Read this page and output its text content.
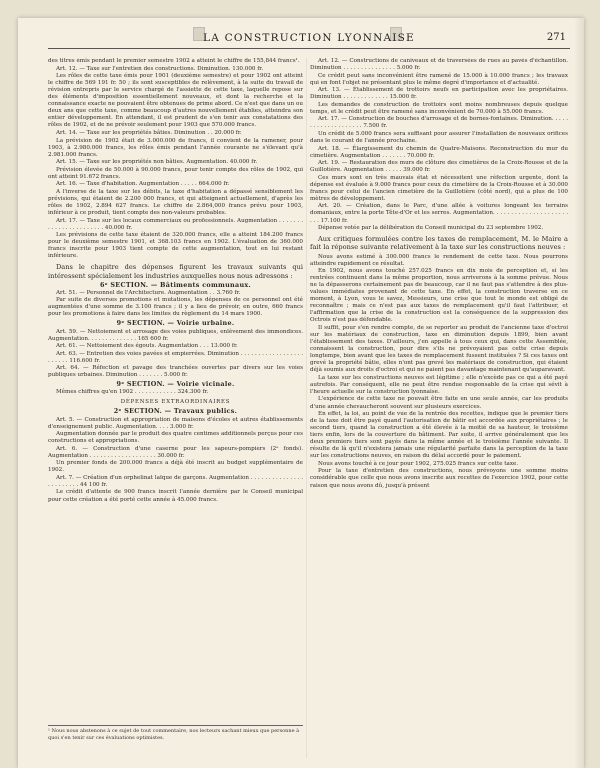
LA CONSTRUCTION LYONNAISE	271

des titres émis pendant le premier semestre 1902 a atteint le chiffre de 155,844 francs¹.

Art. 12. — Taxe sur l'entretien des constructions. Diminution. 130.000 fr.

Les rôles de cette taxe émis pour 1901 (deuxième semestre) et pour 1902 ont atteint le chiffre de 569 191 fr. 50 ; ils sont susceptibles de relèvement, à la suite du travail de révision entrepris par le service chargé de l'assiette de cette taxe, laquelle repose sur des éléments d'imposition essentiellement nouveaux, et dont la recherche et la connaissance exacte ne pouvaient être obtenues de prime abord. Ce n'est que dans un ou deux ans que cette taxe, comme beaucoup d'autres nouvellement établies, atteindra son entier développement. En attendant, il est prudent de s'en tenir aux constatations des rôles de 1902, et de ne prévoir seulement pour 1903 que 570.000 francs.

Art. 14. — Taxe sur les propriétés bâties. Diminution . . 20.000 fr.

La prévision de 1902 était de 3.000.000 de francs, il convient de la ramener, pour 1903, à 2.980.000 francs, les rôles émis pendant l'année courante ne s'élevant qu'à 2.981.000 francs.

Art. 15. — Taxe sur les propriétés non bâties. Augmentation. 40.000 fr.

Prévision élevée de 50.000 à 90.000 francs, pour tenir compte des rôles de 1902, qui ont atteint 91.672 francs.

Art. 16. — Taxe d'habitation. Augmentation . . . . . 664.000 fr.

A l'inverse de la taxe sur les débits, la taxe d'habitation a dépassé sensiblement les prévisions, qui étaient de 2.200 000 francs, et qui atteignent actuellement, d'après les rôles de 1902, 2.894 627 francs. Le chiffre de 2.864,000 francs prévu pour 1903, inférieur à ce produit, tient compte des non-valeurs probables.

Art. 17. — Taxe sur les locaux commerciaux ou professionnels. Augmentation . . . . . . . . . . . . . . . . . . . . . . . 40.000 fr.

Les prévisions de cette taxe étaient de 320.000 francs, elle a atteint 184.200 francs pour le deuxième semestre 1901, et 368.103 francs en 1902. L'évaluation de 360.000 francs inscrite pour 1903 tient compte de cette augmentation, tout en lui restant inférieure.

Dans le chapitre des dépenses figurent les travaux suivants qui intéressent spécialement les industries auxquelles nous nous adressons :

6ᵉ SECTION. — Bâtiments communaux.

Art. 51. — Personnel de l'Architecture. Augmentation . . 3.760 fr.

Par suite de diverses promotions et mutations, les dépenses de ce personnel ont été augmentées d'une somme de 3.100 francs ; il y a lieu de prévoir, en outre, 660 francs pour les promotions à faire dans les limites du règlement du 14 mars 1900.

9ᵉ SECTION. — Voirie urbaine.

Art. 59. — Nettoiement et arrosage des voies publiques, enlèvement des immondices. Augmentation. . . . . . . . . . . . . . 165 600 fr.

Art. 61. — Nettoiement des égouts. Augmentation . . . 13.000 fr.

Art. 63. — Entretien des voies pavées et empierrées. Diminution . . . . . . . . . . . . . . . . . . . . . . . . 116.600 fr.

Art. 64. — Réfection et pavage des tranchées ouvertes par divers sur les voies publiques urbaines. Diminution . . . . . . . 5.000 fr.

9ᵉ SECTION. — Voirie vicinale.

Mêmes chiffres qu'en 1902 . . . . . . . . . . . . 324.300 fr.

DÉPENSES EXTRAORDINAIRES
2ᵉ SECTION. — Travaux publics.

Art. 5. — Construction et appropriation de maisons d'écoles et autres établissements d'enseignement public. Augmentation. . . . 3.000 fr.

Augmentation donnée par le produit des quatre centimes additionnels perçus pour ces constructions et appropriations.

Art. 6. — Construction d'une caserne pour les sapeurs-pompiers (2ᵉ fonds). Augmentation . . . . . . . . . . . . . . . . . . . 30.000 fr.

Un premier fonds de 200.000 francs a déjà été inscrit au budget supplémentaire de 1902.

Art. 7. — Création d'un orphelinat laïque de garçons. Augmentation . . . . . . . . . . . . . . . . . . . . . . . . 44 100 fr.

Le crédit d'attente de 900 francs inscrit l'année dernière par le Conseil municipal pour cette création a été porté cette année à 45.000 francs.

Art. 12. — Constructions de caniveaux et de traversées de rues au pavés d'échantillon. Diminution . . . . . . . . . . . . . . . 5.000 fr.

Ce crédit peut sans inconvénient être ramené de 15.000 à 10.000 francs ; les travaux qui en font l'objet ne présentant plus le même degré d'importance et d'actualité.

Art. 13. — Établissement de trottoirs neufs en participation avec les propriétaires. Diminution . . . . . . . . . . . . . 15.000 fr.

Les demandes de construction de trottoirs sont moins nombreuses depuis quelque temps, et le crédit peut être ramené sans inconvénient de 70.000 à 55.000 francs.

Art. 17. — Construction de bouches d'arrosage et de bornes-fontaines. Diminution. . . . . . . . . . . . . . . . . . . . 7.500 fr.

Un crédit de 5.000 francs sera suffisant pour assurer l'installation de nouveaux orifices dans le courant de l'année prochaine.

Art. 18. — Élargissement du chemin de Quatre-Maisons. Reconstruction du mur du cimetière. Augmentation . . . . . . . 70.000 fr.

Art. 19. — Restauration des murs de clôture des cimetières de la Croix-Rousse et de la Guillotière. Augmentation . . . . . 39.000 fr.

Ces murs sont en très mauvais état et nécessitent une réfection urgente, dont la dépense est évaluée à 9.000 francs pour ceux du cimetière de la Croix-Rousse et à 30.000 francs pour celui de l'ancien cimetière de la Guillotière (côté nord), qui a plus de 100 mètres de développement.

Art. 20. — Création, dans le Parc, d'une allée à voitures longeant les terrains domaniaux, entre la porte Tête-d'Or et les serres. Augmentation. . . . . . . . . . . . . . . . . . . . . . . . 17.100 fr.

Dépense votée par la délibération du Conseil municipal du 23 septembre 1902.

Aux critiques formulées contre les taxes de remplacement, M. le Maire a fait la réponse suivante relativement à la taxe sur les constructions neuves :

Nous avons estimé à 300.000 francs le rendement de cette taxe. Nous pourrons atteindre rapidement ce résultat.

En 1902, nous avons touché 257.025 francs en dix mois de perception et, si les rentrées continuent dans la même proportion, nous arriverons à la somme prévue. Nous ne la dépasserons certainement pas de beaucoup, car il ne faut pas s'attendre à des plus-values immédiates provenant de cette taxe. En effet, la construction traverse en ce moment, à Lyon, vous le savez, Messieurs, une crise que tout le monde est obligé de reconnaître ; mais ce n'est pas aux taxes de remplacement qu'il faut l'attribuer, et l'affirmation que la crise de la construction est la conséquence de la suppression des Octrois n'est pas défendable.

Il suffit, pour s'en rendre compte, de se reporter au produit de l'ancienne taxe d'octroi sur les matériaux de construction, taxe en diminution depuis 1899, bien avant l'établissement des taxes. D'ailleurs, j'en appelle à tous ceux qui, dans cette Assemblée, connaissent la construction, pour dire s'ils ne prévoyaient pas cette crise depuis longtemps, bien avant que les taxes de remplacement fussent instituées ? Si ces taxes ont grevé la propriété bâtie, elles n'ont pas grevé les matériaux de construction, qui étaient déjà soumis aux droits d'octroi et qui ne paient pas davantage maintenant qu'auparavant.

La taxe sur les constructions neuves est légitime ; elle n'excède pas ce qui a été payé autrefois. Par conséquent, elle ne peut être rendue responsable de la crise qui sévit à l'heure actuelle sur la construction lyonnaise.

L'expérience de cette taxe ne pouvait être faite en une seule année, car les produits d'une année chevaucheront souvent sur plusieurs exercices.

En effet, la loi, au point de vue de la rentrée des recettes, indique que le premier tiers de la taxe doit être payé quand l'autorisation de bâtir est accordée aux propriétaires ; le second tiers, quand la construction a été élevée à la moitié de sa hauteur, le troisième tiers enfin, lors de la couverture du bâtiment. Par suite, il arrive généralement que les deux premiers tiers sont payés dans la même année et le troisième l'année suivante. Il résulte de là qu'il n'existera jamais une régularité parfaite dans la perception de la taxe sur les constructions neuves, en raison du délai accordé pour le paiement.

Nous avons touché à ce jour pour 1902, 275.025 francs sur cette taxe.

Pour la taxe d'entretien des constructions, nous prévoyons une somme moins considérable que celle que nous avons inscrite aux recettes de l'exercice 1902, pour cette raison que nous avons dû, jusqu'à présent

¹ Nous nous abstenons à ce sujet de tout commentaire, nos lecteurs sachant mieux que personne à quoi s'en tenir sur ces évaluations optimistes.
